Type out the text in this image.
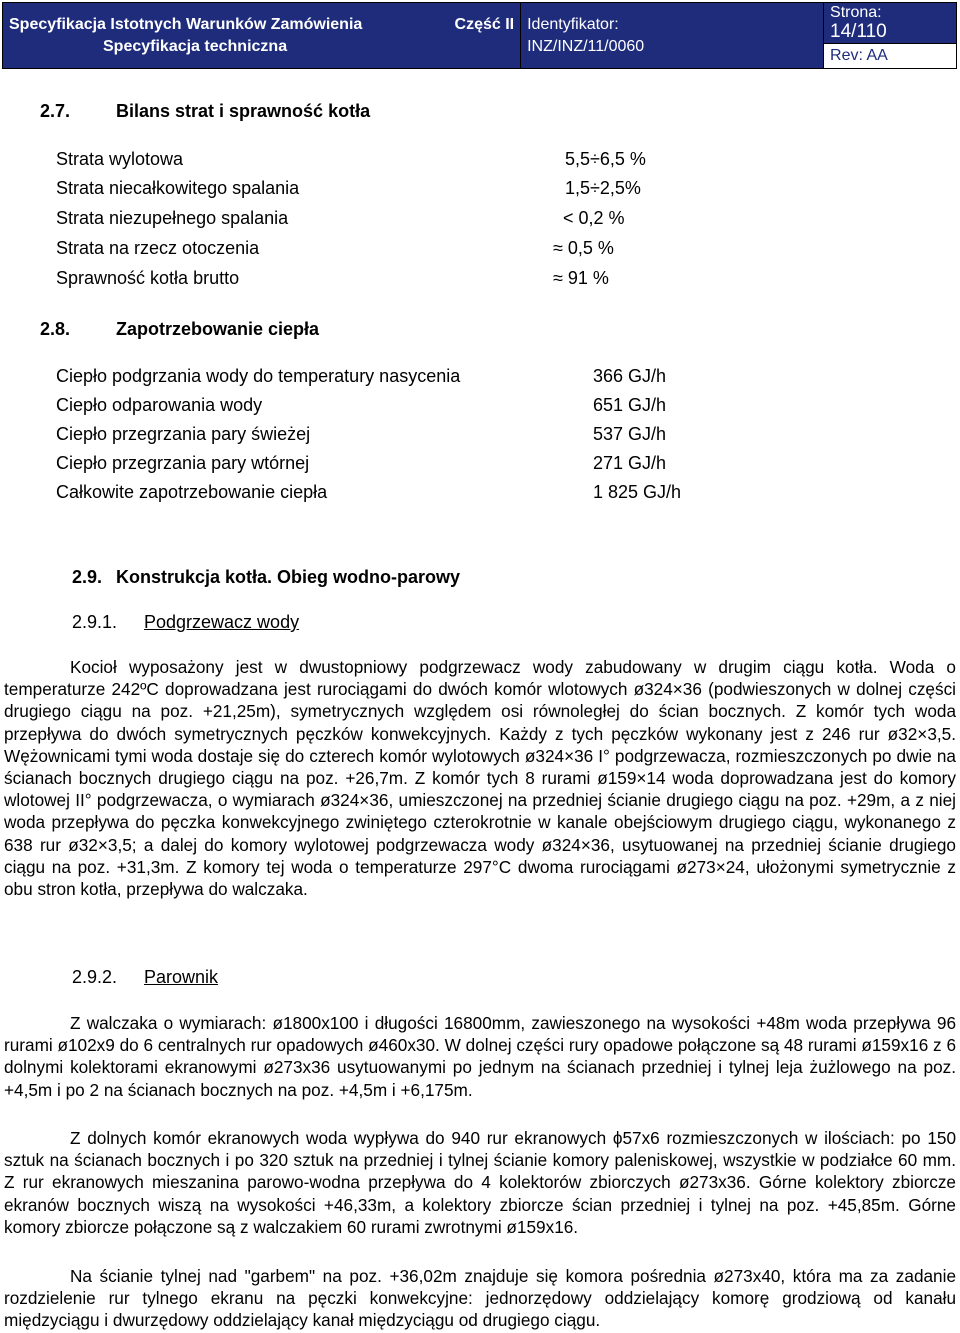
Specyfikacja Istotnych Warunków Zamówienia	Część II
Specyfikacja techniczna

Identyfikator:
INZ/INZ/11/0060

Strona:
14/110
Rev: AA
2.7.	Bilans strat i sprawność kotła
Strata wylotowa	5,5÷6,5 %
Strata niecałkowitego spalania	1,5÷2,5%
Strata niezupełnego spalania	< 0,2 %
Strata na rzecz otoczenia	≈ 0,5 %
Sprawność kotła brutto	≈ 91 %
2.8.	Zapotrzebowanie ciepła
Ciepło podgrzania wody do temperatury nasycenia	366 GJ/h
Ciepło odparowania wody	651 GJ/h
Ciepło przegrzania pary świeżej	537 GJ/h
Ciepło przegrzania pary wtórnej	271 GJ/h
Całkowite zapotrzebowanie ciepła	1 825 GJ/h
2.9. Konstrukcja kotła. Obieg wodno-parowy
2.9.1. Podgrzewacz wody
Kocioł wyposażony jest w dwustopniowy podgrzewacz wody zabudowany w drugim ciągu kotła. Woda o temperaturze 242ºC doprowadzana jest rurociągami do dwóch komór wlotowych ø324×36 (podwieszonych w dolnej części drugiego ciągu na poz. +21,25m), symetrycznych względem osi równoległej do ścian bocznych. Z komór tych woda przepływa do dwóch symetrycznych pęczków konwekcyjnych. Każdy z tych pęczków wykonany jest z 246 rur ø32×3,5. Wężownicami tymi woda dostaje się do czterech komór wylotowych ø324×36 I° podgrzewacza, rozmieszczonych po dwie na ścianach bocznych drugiego ciągu na poz. +26,7m. Z komór tych 8 rurami ø159×14 woda doprowadzana jest do komory wlotowej II° podgrzewacza, o wymiarach ø324×36, umieszczonej na przedniej ścianie drugiego ciągu na poz. +29m, a z niej woda przepływa do pęczka konwekcyjnego zwiniętego czterokrotnie w kanale obejściowym drugiego ciągu, wykonanego z 638 rur ø32×3,5; a dalej do komory wylotowej podgrzewacza wody ø324×36, usytuowanej na przedniej ścianie drugiego ciągu na poz. +31,3m. Z komory tej woda o temperaturze 297°C dwoma rurociągami ø273×24, ułożonymi symetrycznie z obu stron kotła, przepływa do walczaka.
2.9.2. Parownik
Z walczaka o wymiarach: ø1800x100 i długości 16800mm, zawieszonego na wysokości +48m woda przepływa 96 rurami ø102x9 do 6 centralnych rur opadowych ø460x30. W dolnej części rury opadowe połączone są 48 rurami ø159x16 z 6 dolnymi kolektorami ekranowymi ø273x36 usytuowanymi po jednym na ścianach przedniej i tylnej leja żużlowego na poz. +4,5m i po 2 na ścianach bocznych na poz. +4,5m i +6,175m.
Z dolnych komór ekranowych woda wypływa do 940 rur ekranowych ϕ57x6 rozmieszczonych w ilościach: po 150 sztuk na ścianach bocznych i po 320 sztuk na przedniej i tylnej ścianie komory paleniskowej, wszystkie w podziałce 60 mm. Z rur ekranowych mieszanina parowo-wodna przepływa do 4 kolektorów zbiorczych ø273x36. Górne kolektory zbiorcze ekranów bocznych wiszą na wysokości +46,33m, a kolektory zbiorcze ścian przedniej i tylnej na poz. +45,85m. Górne komory zbiorcze połączone są z walczakiem 60 rurami zwrotnymi ø159x16.
Na ścianie tylnej nad "garbem" na poz. +36,02m znajduje się komora pośrednia ø273x40, która ma za zadanie rozdzielenie rur tylnego ekranu na pęczki konwekcyjne: jednorzędowy oddzielający komorę grodziową od kanału międzyciągu i dwurzędowy oddzielający kanał międzyciągu od drugiego ciągu.
